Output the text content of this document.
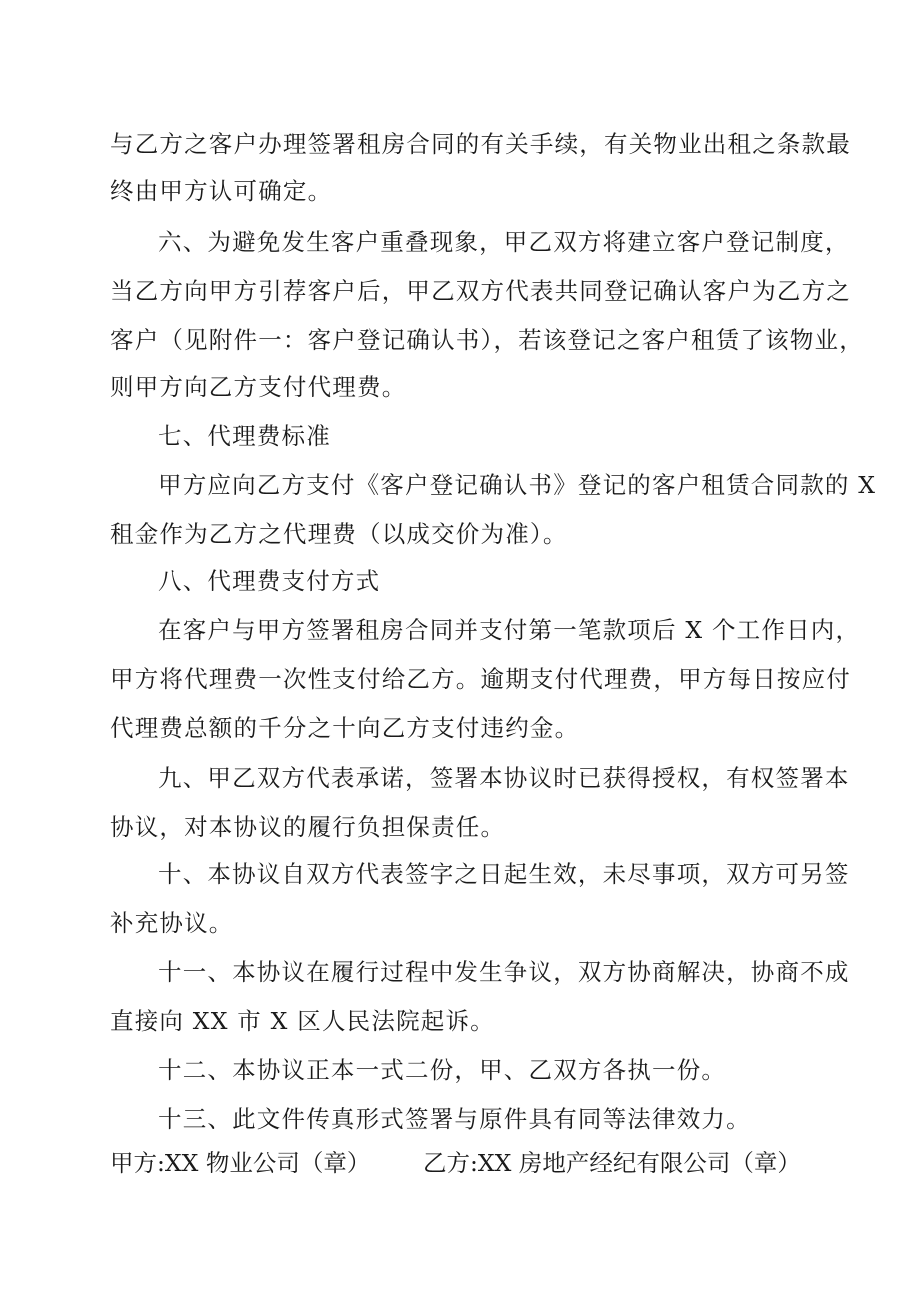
与乙方之客户办理签署租房合同的有关手续，有关物业出租之条款最
终由甲方认可确定。
六、为避免发生客户重叠现象，甲乙双方将建立客户登记制度，
当乙方向甲方引荐客户后，甲乙双方代表共同登记确认客户为乙方之
客户（见附件一：客户登记确认书），若该登记之客户租赁了该物业，
则甲方向乙方支付代理费。
七、代理费标准
甲方应向乙方支付《客户登记确认书》登记的客户租赁合同款的 X
租金作为乙方之代理费（以成交价为准）。
八、代理费支付方式
在客户与甲方签署租房合同并支付第一笔款项后 X 个工作日内，
甲方将代理费一次性支付给乙方。逾期支付代理费，甲方每日按应付
代理费总额的千分之十向乙方支付违约金。
九、甲乙双方代表承诺，签署本协议时已获得授权，有权签署本
协议，对本协议的履行负担保责任。
十、本协议自双方代表签字之日起生效，未尽事项，双方可另签
补充协议。
十一、本协议在履行过程中发生争议，双方协商解决，协商不成
直接向 XX 市 X 区人民法院起诉。
十二、本协议正本一式二份，甲、乙双方各执一份。
十三、此文件传真形式签署与原件具有同等法律效力。
甲方:XX 物业公司（章） 乙方:XX 房地产经纪有限公司（章）
